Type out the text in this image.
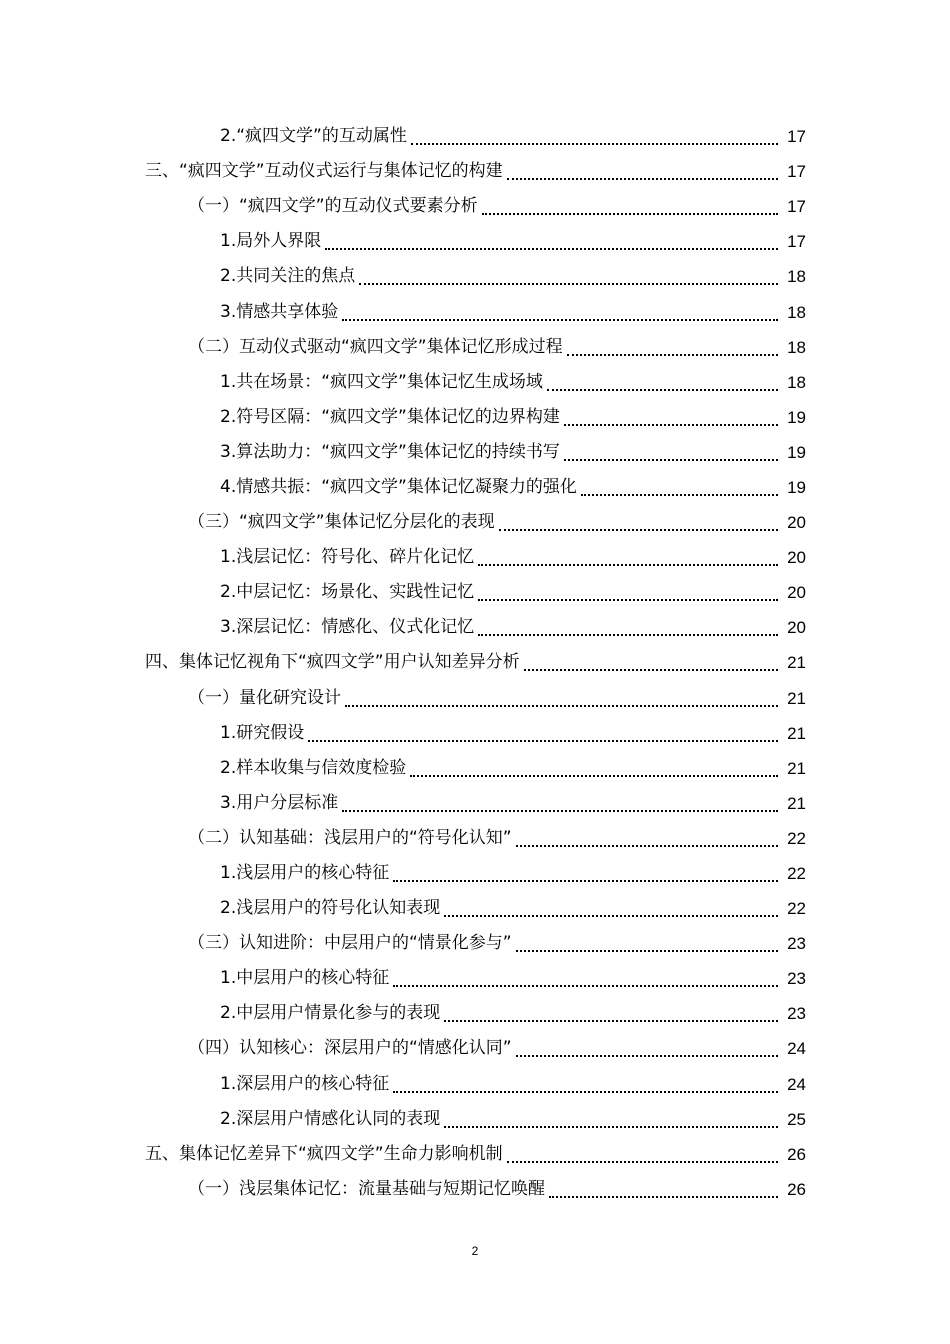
2.“疯四文学”的互动属性	17
三、“疯四文学”互动仪式运行与集体记忆的构建	17
（一）“疯四文学”的互动仪式要素分析	17
1.局外人界限	17
2.共同关注的焦点	18
3.情感共享体验	18
（二）互动仪式驱动“疯四文学”集体记忆形成过程	18
1.共在场景：“疯四文学”集体记忆生成场域	18
2.符号区隔：“疯四文学”集体记忆的边界构建	19
3.算法助力：“疯四文学”集体记忆的持续书写	19
4.情感共振：“疯四文学”集体记忆凝聚力的强化	19
（三）“疯四文学”集体记忆分层化的表现	20
1.浅层记忆：符号化、碎片化记忆	20
2.中层记忆：场景化、实践性记忆	20
3.深层记忆：情感化、仪式化记忆	20
四、集体记忆视角下“疯四文学”用户认知差异分析	21
（一）量化研究设计	21
1.研究假设	21
2.样本收集与信效度检验	21
3.用户分层标准	21
（二）认知基础：浅层用户的“符号化认知”	22
1.浅层用户的核心特征	22
2.浅层用户的符号化认知表现	22
（三）认知进阶：中层用户的“情景化参与”	23
1.中层用户的核心特征	23
2.中层用户情景化参与的表现	23
（四）认知核心：深层用户的“情感化认同”	24
1.深层用户的核心特征	24
2.深层用户情感化认同的表现	25
五、集体记忆差异下“疯四文学”生命力影响机制	26
（一）浅层集体记忆：流量基础与短期记忆唤醒	26
2
